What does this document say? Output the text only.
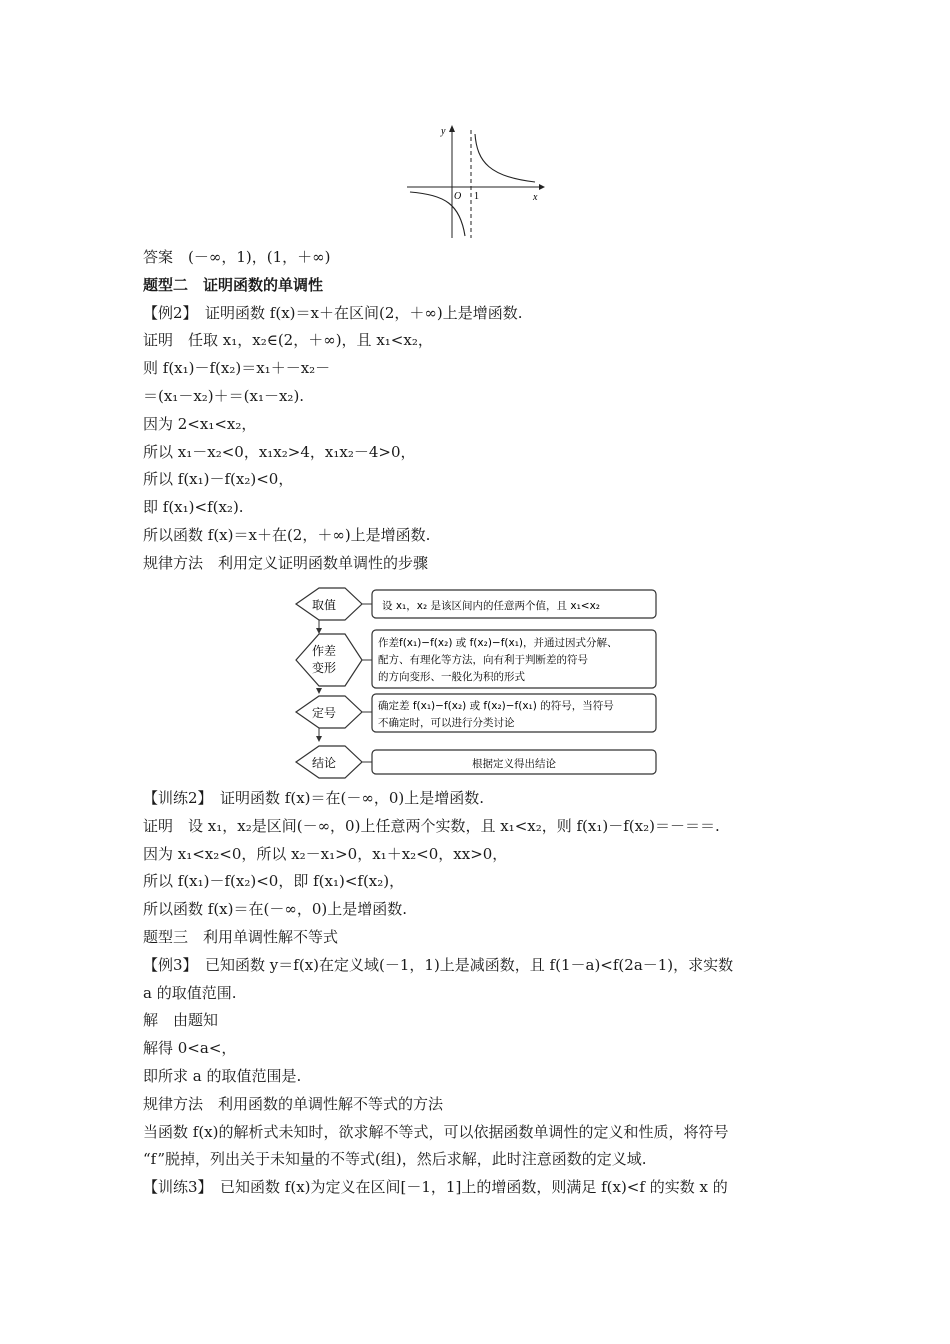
y
x
O 1
答案　(－∞，1)，(1，＋∞)
题型二　证明函数的单调性
【例2】　证明函数 f(x)＝x＋在区间(2，＋∞)上是增函数.
证明　任取 x₁，x₂∈(2，＋∞)，且 x₁<x₂，
则 f(x₁)－f(x₂)＝x₁＋－x₂－
＝(x₁－x₂)＋＝(x₁－x₂).
因为 2<x₁<x₂，
所以 x₁－x₂<0，x₁x₂>4，x₁x₂－4>0，
所以 f(x₁)－f(x₂)<0，
即 f(x₁)<f(x₂).
所以函数 f(x)＝x＋在(2，＋∞)上是增函数.
规律方法　利用定义证明函数单调性的步骤
取值	设 x₁，x₂ 是该区间内的任意两个值，且 x₁<x₂
作差
变形
作差f(x₁)−f(x₂) 或 f(x₂)−f(x₁)，并通过因式分解、
配方、有理化等方法，向有利于判断差的符号
的方向变形、一般化为积的形式
定号	确定差 f(x₁)−f(x₂) 或 f(x₂)−f(x₁) 的符号，当符号
不确定时，可以进行分类讨论
结论	根据定义得出结论
【训练2】　证明函数 f(x)＝在(－∞，0)上是增函数.
证明　设 x₁，x₂是区间(－∞，0)上任意两个实数，且 x₁<x₂，则 f(x₁)－f(x₂)＝－＝＝.
因为 x₁<x₂<0，所以 x₂－x₁>0，x₁＋x₂<0，xx>0，
所以 f(x₁)－f(x₂)<0，即 f(x₁)<f(x₂)，
所以函数 f(x)＝在(－∞，0)上是增函数.
题型三　利用单调性解不等式
【例3】　已知函数 y＝f(x)在定义域(－1，1)上是减函数，且 f(1－a)<f(2a－1)，求实数
a 的取值范围.
解　由题知
解得 0<a<，
即所求 a 的取值范围是.
规律方法　利用函数的单调性解不等式的方法
当函数 f(x)的解析式未知时，欲求解不等式，可以依据函数单调性的定义和性质，将符号
“f”脱掉，列出关于未知量的不等式(组)，然后求解，此时注意函数的定义域.
【训练3】　已知函数 f(x)为定义在区间[－1，1]上的增函数，则满足 f(x)<f 的实数 x 的
